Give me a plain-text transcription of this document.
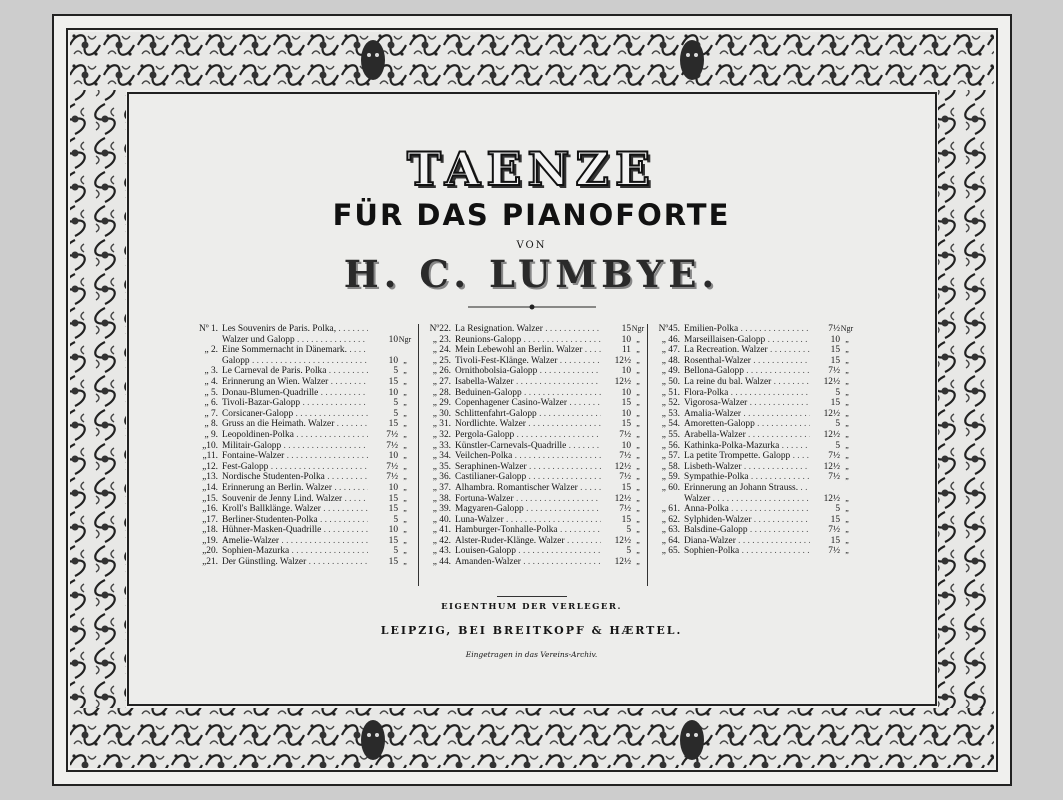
TAENZE
FÜR DAS PIANOFORTE
VON
H. C. LUMBYE.
Nº 1. Les Souvenirs de Paris. Polka, . . .
Walzer und Galopp . . .	10 Ngr
„ 2. Eine Sommernacht in Dänemark. . . .
Galopp . . .	10 „
„ 3. Le Carneval de Paris. Polka . . .	5 „
„ 4. Erinnerung an Wien. Walzer . . .	15 „
„ 5. Donau-Blumen-Quadrille . . .	10 „
„ 6. Tivoli-Bazar-Galopp . . .	5 „
„ 7. Corsicaner-Galopp . . .	5 „
„ 8. Gruss an die Heimath. Walzer . . .	15 „
„ 9. Leopoldinen-Polka . . .	7½ „
„10. Militair-Galopp . . .	7½ „
„11. Fontaine-Walzer . . .	10 „
„12. Fest-Galopp . . .	7½ „
„13. Nordische Studenten-Polka . . .	7½ „
„14. Erinnerung an Berlin. Walzer . . .	10 „
„15. Souvenir de Jenny Lind. Walzer . . .	15 „
„16. Kroll's Ballklänge. Walzer . . .	15 „
„17. Berliner-Studenten-Polka . . .	5 „
„18. Hühner-Masken-Quadrille . . .	10 „
„19. Amelie-Walzer . . .	15 „
„20. Sophien-Mazurka . . .	5 „
„21. Der Günstling. Walzer . . .	15 „
Nº22. La Resignation. Walzer . . .	15 Ngr
„ 23. Reunions-Galopp . . .	10 „
„ 24. Mein Lebewohl an Berlin. Walzer . . .	11 „
„ 25. Tivoli-Fest-Klänge. Walzer . . .	12½ „
„ 26. Ornithobolsia-Galopp . . .	10 „
„ 27. Isabella-Walzer . . .	12½ „
„ 28. Beduinen-Galopp . . .	10 „
„ 29. Copenhagener Casino-Walzer . . .	15 „
„ 30. Schlittenfahrt-Galopp . . .	10 „
„ 31. Nordlichte. Walzer . . .	15 „
„ 32. Pergola-Galopp . . .	7½ „
„ 33. Künstler-Carnevals-Quadrille . . .	10 „
„ 34. Veilchen-Polka . . .	7½ „
„ 35. Seraphinen-Walzer . . .	12½ „
„ 36. Castilianer-Galopp . . .	7½ „
„ 37. Alhambra. Romantischer Walzer . . .	15 „
„ 38. Fortuna-Walzer . . .	12½ „
„ 39. Magyaren-Galopp . . .	7½ „
„ 40. Luna-Walzer . . .	15 „
„ 41. Hamburger-Tonhalle-Polka . . .	5 „
„ 42. Alster-Ruder-Klänge. Walzer . . .	12½ „
„ 43. Louisen-Galopp . . .	5 „
„ 44. Amanden-Walzer . . .	12½ „
Nº45. Emilien-Polka . . .	7½ Ngr
„ 46. Marseillaisen-Galopp . . .	10 „
„ 47. La Recreation. Walzer . . .	15 „
„ 48. Rosenthal-Walzer . . .	15 „
„ 49. Bellona-Galopp . . .	7½ „
„ 50. La reine du bal. Walzer . . .	12½ „
„ 51. Flora-Polka . . .	5 „
„ 52. Vigorosa-Walzer . . .	15 „
„ 53. Amalia-Walzer . . .	12½ „
„ 54. Amoretten-Galopp . . .	5 „
„ 55. Arabella-Walzer . . .	12½ „
„ 56. Kathinka-Polka-Mazurka . . .	5 „
„ 57. La petite Trompette. Galopp . . .	7½ „
„ 58. Lisbeth-Walzer . . .	12½ „
„ 59. Sympathie-Polka . . .	7½ „
„ 60. Erinnerung an Johann Strauss. . . .
Walzer . . .	12½ „
„ 61. Anna-Polka . . .	5 „
„ 62. Sylphiden-Walzer . . .	15 „
„ 63. Balsdine-Galopp . . .	7½ „
„ 64. Diana-Walzer . . .	15 „
„ 65. Sophien-Polka . . .	7½ „
EIGENTHUM DER VERLEGER.
LEIPZIG, BEI BREITKOPF & HÆRTEL.
Eingetragen in das Vereins-Archiv.
